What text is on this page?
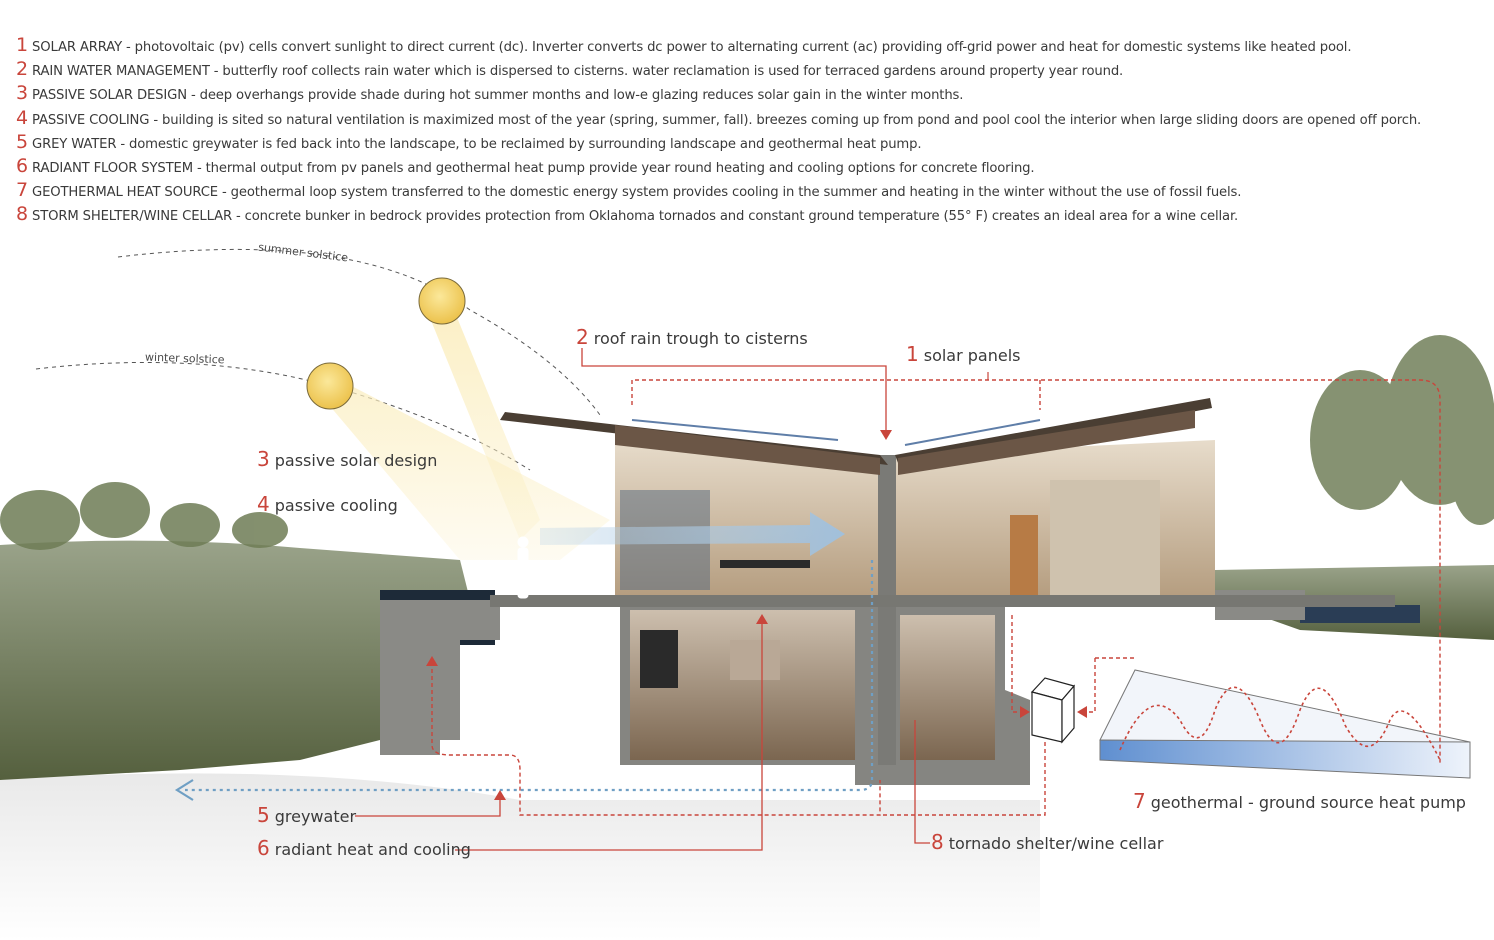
1 SOLAR ARRAY - photovoltaic (pv) cells convert sunlight to direct current (dc). Inverter converts dc power to alternating current (ac) providing off-grid power and heat for domestic systems like heated pool.
2 RAIN WATER MANAGEMENT - butterfly roof collects rain water which is dispersed to cisterns. water reclamation is used for terraced gardens around property year round.
3 PASSIVE SOLAR DESIGN - deep overhangs provide shade during hot summer months and low-e glazing reduces solar gain in the winter months.
4 PASSIVE COOLING - building is sited so natural ventilation is maximized most of the year (spring, summer, fall). breezes coming up from pond and pool cool the interior when large sliding doors are opened off porch.
5 GREY WATER - domestic greywater is fed back into the landscape, to be reclaimed by surrounding landscape and geothermal heat pump.
6 RADIANT FLOOR SYSTEM - thermal output from pv panels and geothermal heat pump provide year round heating and cooling options for concrete flooring.
7 GEOTHERMAL HEAT SOURCE - geothermal loop system transferred to the domestic energy system provides cooling in the summer and heating in the winter without the use of fossil fuels.
8 STORM SHELTER/WINE CELLAR - concrete bunker in bedrock provides protection from Oklahoma tornados and constant ground temperature (55° F) creates an ideal area for a wine cellar.
summer solstice
winter solstice
2 roof rain trough to cisterns
1 solar panels
3 passive solar design
4 passive cooling
5 greywater
6 radiant heat and cooling
7 geothermal - ground source heat pump
8 tornado shelter/wine cellar
